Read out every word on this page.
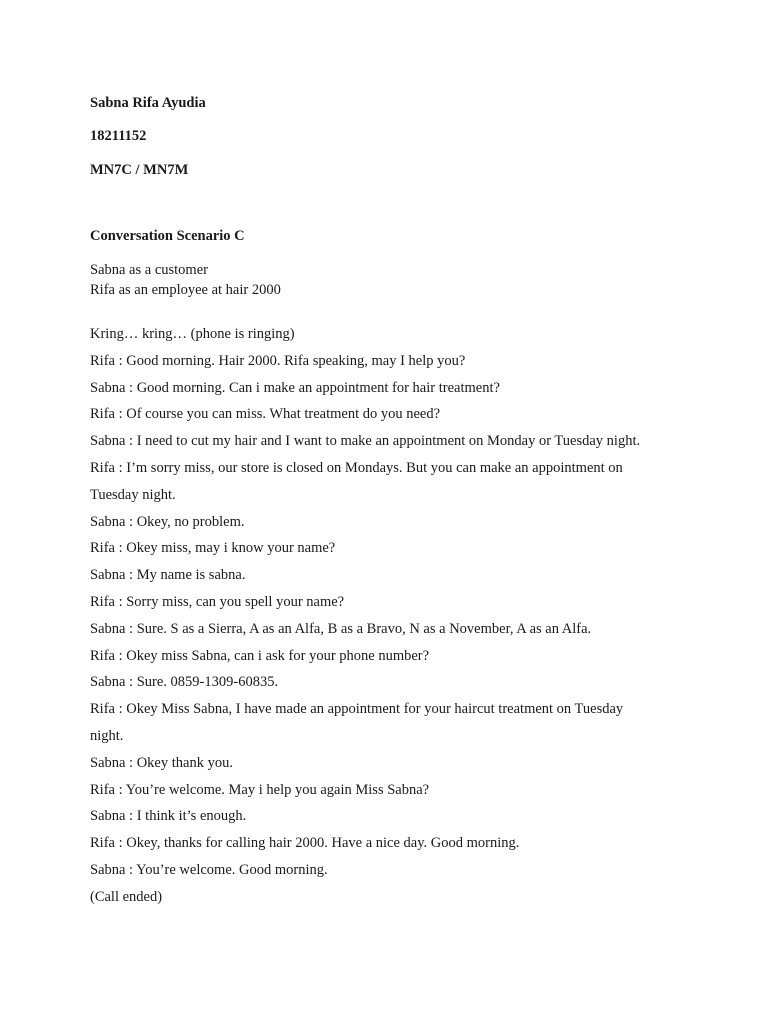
Sabna Rifa Ayudia
18211152
MN7C / MN7M
Conversation Scenario C
Sabna as a customer
Rifa as an employee at hair 2000
Kring… kring… (phone is ringing)
Rifa : Good morning. Hair 2000. Rifa speaking, may I help you?
Sabna : Good morning. Can i make an appointment for hair treatment?
Rifa : Of course you can miss. What treatment do you need?
Sabna : I need to cut my hair and I want to make an appointment on Monday or Tuesday night.
Rifa : I’m sorry miss, our store is closed on Mondays. But you can make an appointment on
Tuesday night.
Sabna : Okey, no problem.
Rifa : Okey miss, may i know your name?
Sabna : My name is sabna.
Rifa : Sorry miss, can you spell your name?
Sabna : Sure. S as a Sierra, A as an Alfa, B as a Bravo, N as a November, A as an Alfa.
Rifa : Okey miss Sabna, can i ask for your phone number?
Sabna : Sure. 0859-1309-60835.
Rifa : Okey Miss Sabna, I have made an appointment for your haircut treatment on Tuesday
night.
Sabna : Okey thank you.
Rifa : You’re welcome. May i help you again Miss Sabna?
Sabna : I think it’s enough.
Rifa : Okey, thanks for calling hair 2000. Have a nice day. Good morning.
Sabna : You’re welcome. Good morning.
(Call ended)
